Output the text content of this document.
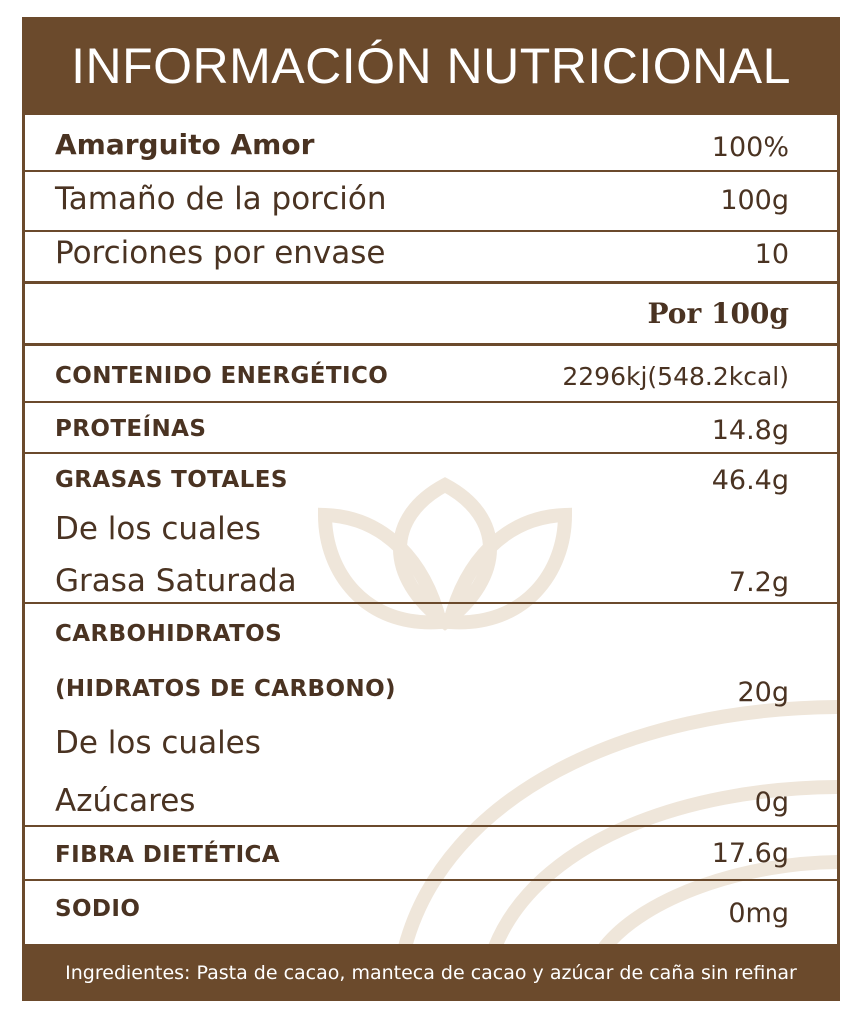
INFORMACIÓN NUTRICIONAL
Amarguito Amor	100%
Tamaño de la porción	100g
Porciones por envase	10
Por 100g
CONTENIDO ENERGÉTICO	2296kj(548.2kcal)
PROTEÍNAS	14.8g
GRASAS TOTALES	46.4g
De los cuales
Grasa Saturada	7.2g
CARBOHIDRATOS
(HIDRATOS DE CARBONO)	20g
De los cuales
Azúcares	0g
FIBRA DIETÉTICA	17.6g
SODIO	0mg
Ingredientes: Pasta de cacao, manteca de cacao y azúcar de caña sin refinar
